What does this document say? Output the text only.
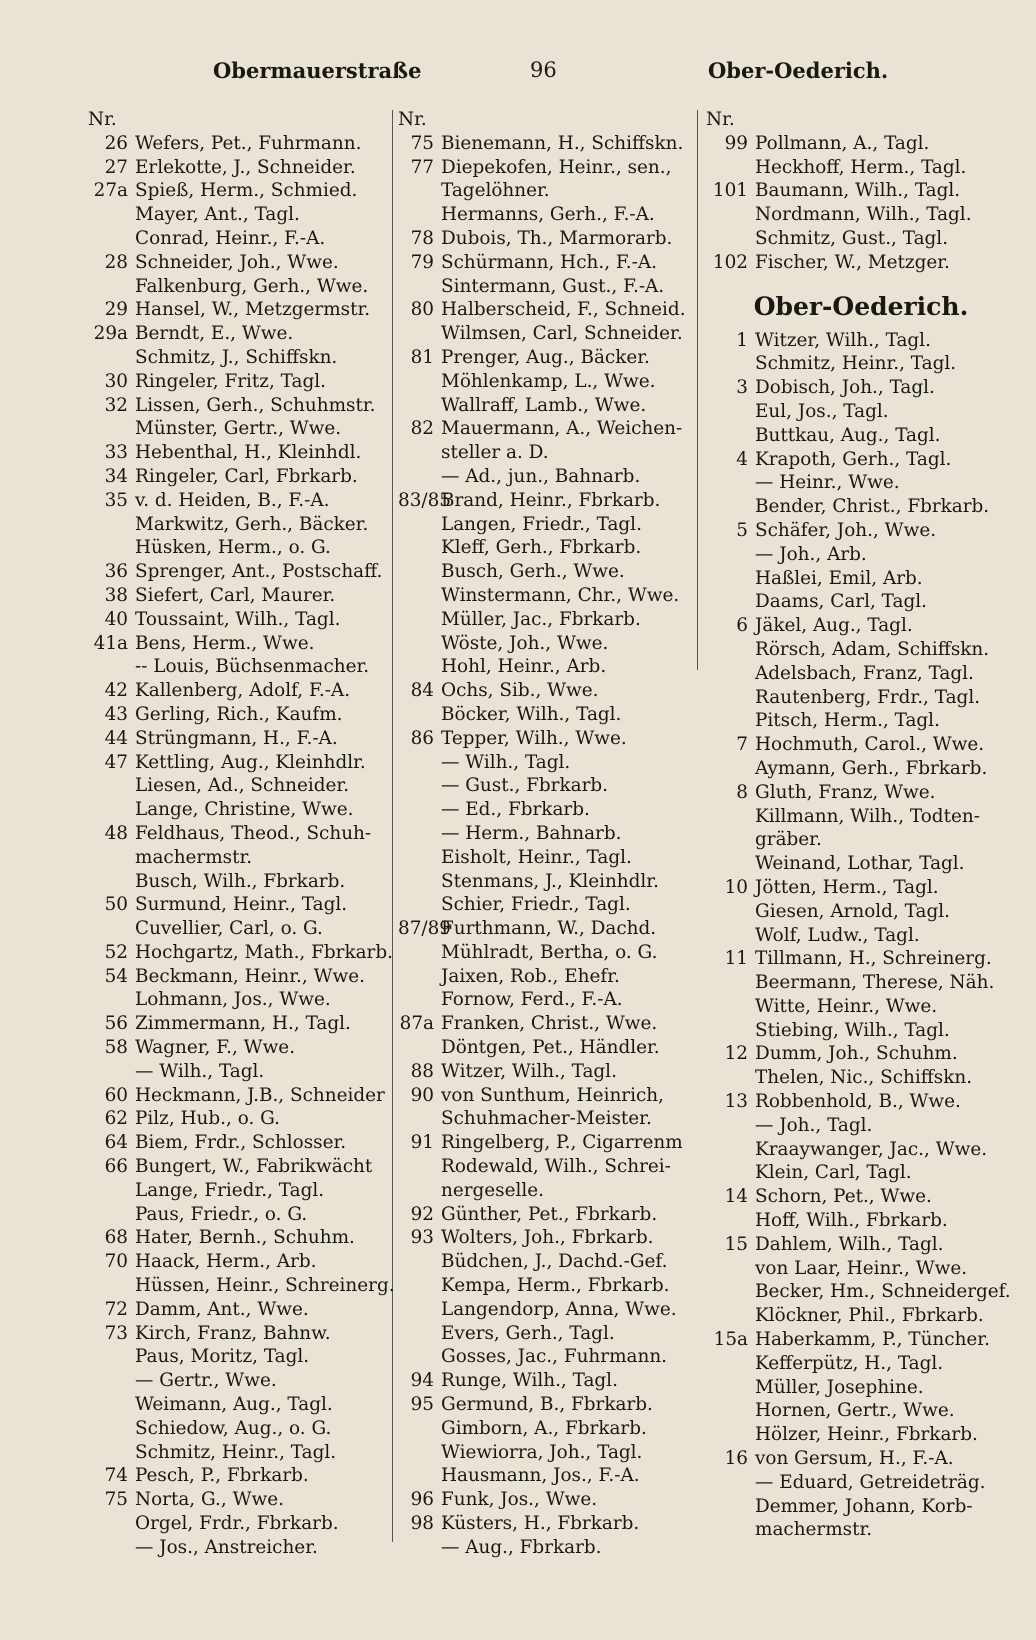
Obermauerstraße	96	Ober-Oederich.
Nr.
26 Wefers, Pet., Fuhrmann.
27 Erlekotte, J., Schneider.
27a Spieß, Herm., Schmied.
Mayer, Ant., Tagl.
Conrad, Heinr., F.-A.
28 Schneider, Joh., Wwe.
Falkenburg, Gerh., Wwe.
29 Hansel, W., Metzgermstr.
29a Berndt, E., Wwe.
Schmitz, J., Schiffskn.
30 Ringeler, Fritz, Tagl.
32 Lissen, Gerh., Schuhmstr.
Münster, Gertr., Wwe.
33 Hebenthal, H., Kleinhdl.
34 Ringeler, Carl, Fbrkarb.
35 v. d. Heiden, B., F.-A.
Markwitz, Gerh., Bäcker.
Hüsken, Herm., o. G.
36 Sprenger, Ant., Postschaff.
38 Siefert, Carl, Maurer.
40 Toussaint, Wilh., Tagl.
41a Bens, Herm., Wwe.
-- Louis, Büchsenmacher.
42 Kallenberg, Adolf, F.-A.
43 Gerling, Rich., Kaufm.
44 Strüngmann, H., F.-A.
47 Kettling, Aug., Kleinhdlr.
Liesen, Ad., Schneider.
Lange, Christine, Wwe.
48 Feldhaus, Theod., Schuh-
machermstr.
Busch, Wilh., Fbrkarb.
50 Surmund, Heinr., Tagl.
Cuvellier, Carl, o. G.
52 Hochgartz, Math., Fbrkarb.
54 Beckmann, Heinr., Wwe.
Lohmann, Jos., Wwe.
56 Zimmermann, H., Tagl.
58 Wagner, F., Wwe.
— Wilh., Tagl.
60 Heckmann, J.B., Schneider
62 Pilz, Hub., o. G.
64 Biem, Frdr., Schlosser.
66 Bungert, W., Fabrikwächt
Lange, Friedr., Tagl.
Paus, Friedr., o. G.
68 Hater, Bernh., Schuhm.
70 Haack, Herm., Arb.
Hüssen, Heinr., Schreinerg.
72 Damm, Ant., Wwe.
73 Kirch, Franz, Bahnw.
Paus, Moritz, Tagl.
— Gertr., Wwe.
Weimann, Aug., Tagl.
Schiedow, Aug., o. G.
Schmitz, Heinr., Tagl.
74 Pesch, P., Fbrkarb.
75 Norta, G., Wwe.
Orgel, Frdr., Fbrkarb.
— Jos., Anstreicher.
Nr.
75 Bienemann, H., Schiffskn.
77 Diepekofen, Heinr., sen.,
Tagelöhner.
Hermanns, Gerh., F.-A.
78 Dubois, Th., Marmorarb.
79 Schürmann, Hch., F.-A.
Sintermann, Gust., F.-A.
80 Halberscheid, F., Schneid.
Wilmsen, Carl, Schneider.
81 Prenger, Aug., Bäcker.
Möhlenkamp, L., Wwe.
Wallraff, Lamb., Wwe.
82 Mauermann, A., Weichen-
steller a. D.
— Ad., jun., Bahnarb.
83/85
Brand, Heinr., Fbrkarb.
Langen, Friedr., Tagl.
Kleff, Gerh., Fbrkarb.
Busch, Gerh., Wwe.
Winstermann, Chr., Wwe.
Müller, Jac., Fbrkarb.
Wöste, Joh., Wwe.
Hohl, Heinr., Arb.
84 Ochs, Sib., Wwe.
Böcker, Wilh., Tagl.
86 Tepper, Wilh., Wwe.
— Wilh., Tagl.
— Gust., Fbrkarb.
— Ed., Fbrkarb.
— Herm., Bahnarb.
Eisholt, Heinr., Tagl.
Stenmans, J., Kleinhdlr.
Schier, Friedr., Tagl.
87/89
Furthmann, W., Dachd.
Mühlradt, Bertha, o. G.
Jaixen, Rob., Ehefr.
Fornow, Ferd., F.-A.
87a Franken, Christ., Wwe.
Döntgen, Pet., Händler.
88 Witzer, Wilh., Tagl.
90 von Sunthum, Heinrich,
Schuhmacher-Meister.
91 Ringelberg, P., Cigarrenm
Rodewald, Wilh., Schrei-
nergeselle.
92 Günther, Pet., Fbrkarb.
93 Wolters, Joh., Fbrkarb.
Büdchen, J., Dachd.-Gef.
Kempa, Herm., Fbrkarb.
Langendorp, Anna, Wwe.
Evers, Gerh., Tagl.
Gosses, Jac., Fuhrmann.
94 Runge, Wilh., Tagl.
95 Germund, B., Fbrkarb.
Gimborn, A., Fbrkarb.
Wiewiorra, Joh., Tagl.
Hausmann, Jos., F.-A.
96 Funk, Jos., Wwe.
98 Küsters, H., Fbrkarb.
— Aug., Fbrkarb.
Nr.
99 Pollmann, A., Tagl.
Heckhoff, Herm., Tagl.
101 Baumann, Wilh., Tagl.
Nordmann, Wilh., Tagl.
Schmitz, Gust., Tagl.
102 Fischer, W., Metzger.
Ober-Oederich.
1 Witzer, Wilh., Tagl.
Schmitz, Heinr., Tagl.
3 Dobisch, Joh., Tagl.
Eul, Jos., Tagl.
Buttkau, Aug., Tagl.
4 Krapoth, Gerh., Tagl.
— Heinr., Wwe.
Bender, Christ., Fbrkarb.
5 Schäfer, Joh., Wwe.
— Joh., Arb.
Haßlei, Emil, Arb.
Daams, Carl, Tagl.
6 Jäkel, Aug., Tagl.
Rörsch, Adam, Schiffskn.
Adelsbach, Franz, Tagl.
Rautenberg, Frdr., Tagl.
Pitsch, Herm., Tagl.
7 Hochmuth, Carol., Wwe.
Aymann, Gerh., Fbrkarb.
8 Gluth, Franz, Wwe.
Killmann, Wilh., Todten-
gräber.
Weinand, Lothar, Tagl.
10 Jötten, Herm., Tagl.
Giesen, Arnold, Tagl.
Wolf, Ludw., Tagl.
11 Tillmann, H., Schreinerg.
Beermann, Therese, Näh.
Witte, Heinr., Wwe.
Stiebing, Wilh., Tagl.
12 Dumm, Joh., Schuhm.
Thelen, Nic., Schiffskn.
13 Robbenhold, B., Wwe.
— Joh., Tagl.
Kraaywanger, Jac., Wwe.
Klein, Carl, Tagl.
14 Schorn, Pet., Wwe.
Hoff, Wilh., Fbrkarb.
15 Dahlem, Wilh., Tagl.
von Laar, Heinr., Wwe.
Becker, Hm., Schneidergef.
Klöckner, Phil., Fbrkarb.
15a Haberkamm, P., Tüncher.
Kefferpütz, H., Tagl.
Müller, Josephine.
Hornen, Gertr., Wwe.
Hölzer, Heinr., Fbrkarb.
16 von Gersum, H., F.-A.
— Eduard, Getreideträg.
Demmer, Johann, Korb-
machermstr.
